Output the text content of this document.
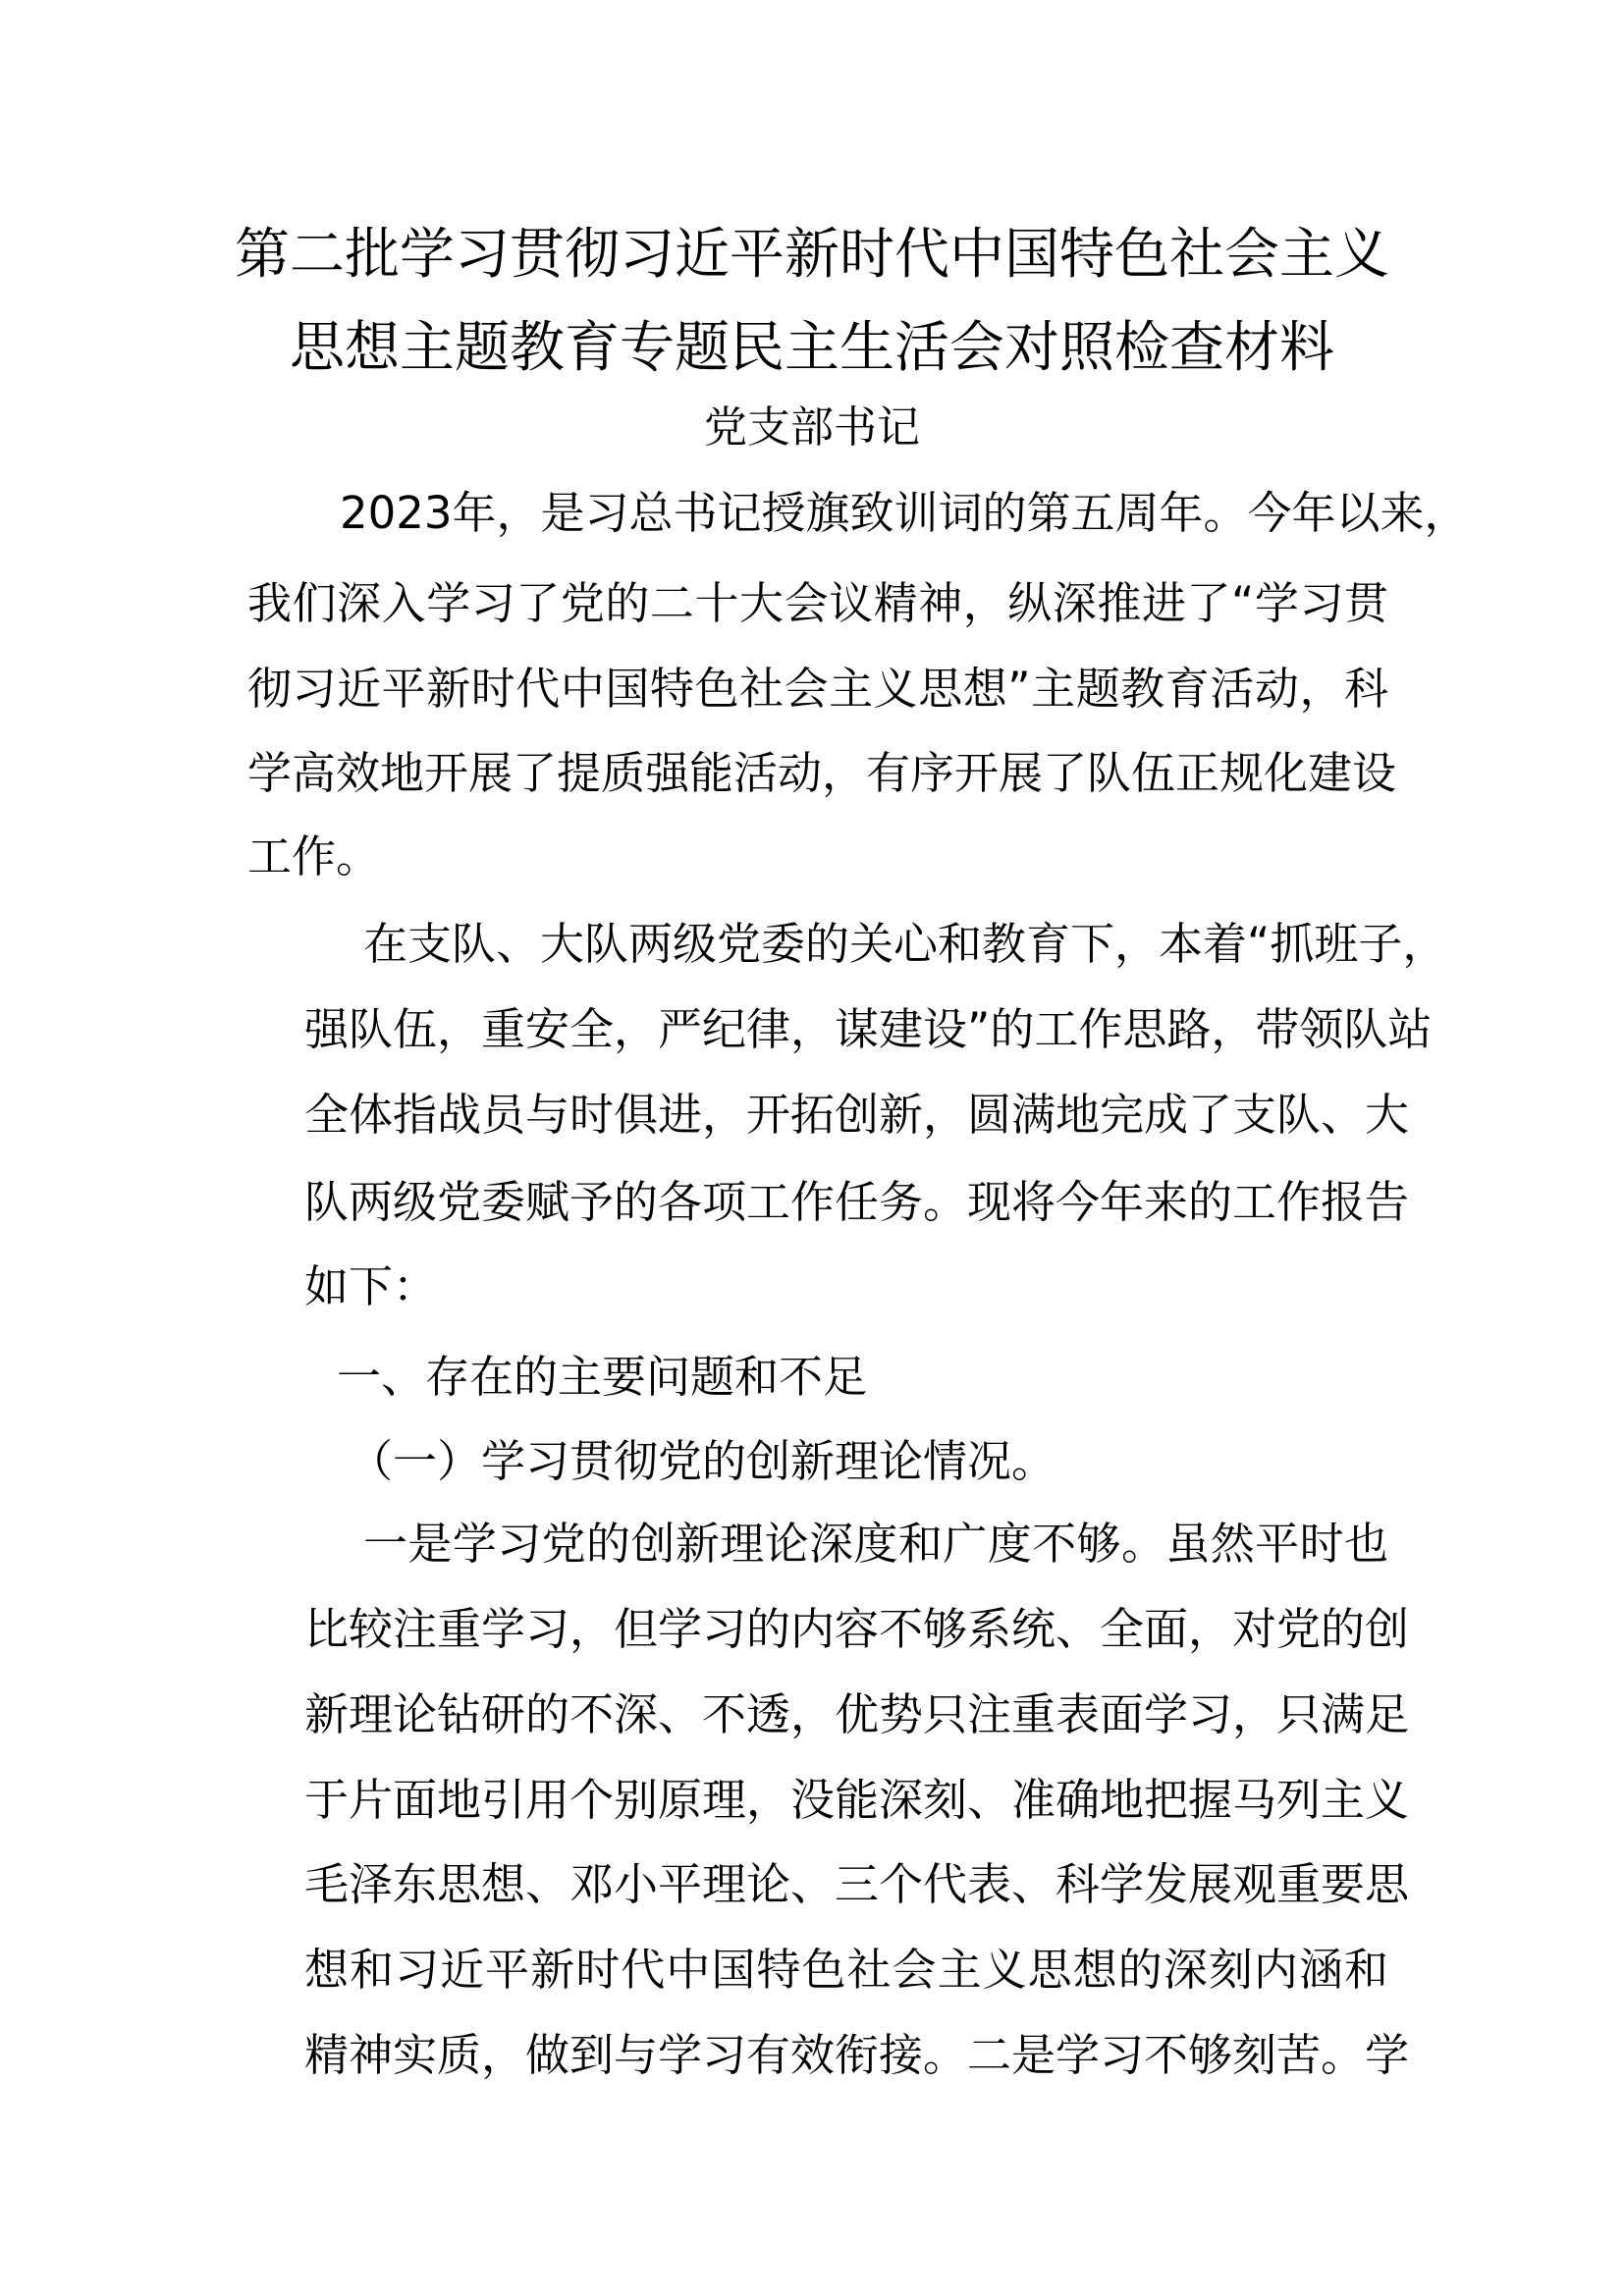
第二批学习贯彻习近平新时代中国特色社会主义
思想主题教育专题民主生活会对照检查材料
党支部书记
2023年，是习总书记授旗致训词的第五周年。今年以来，
我们深入学习了党的二十大会议精神，纵深推进了“学习贯
彻习近平新时代中国特色社会主义思想”主题教育活动，科
学高效地开展了提质强能活动，有序开展了队伍正规化建设
工作。
在支队、大队两级党委的关心和教育下，本着“抓班子，
强队伍，重安全，严纪律，谋建设”的工作思路，带领队站
全体指战员与时俱进，开拓创新，圆满地完成了支队、大
队两级党委赋予的各项工作任务。现将今年来的工作报告
如下：
一、存在的主要问题和不足
（一）学习贯彻党的创新理论情况。
一是学习党的创新理论深度和广度不够。虽然平时也
比较注重学习，但学习的内容不够系统、全面，对党的创
新理论钻研的不深、不透，优势只注重表面学习，只满足
于片面地引用个别原理，没能深刻、准确地把握马列主义
毛泽东思想、邓小平理论、三个代表、科学发展观重要思
想和习近平新时代中国特色社会主义思想的深刻内涵和
精神实质，做到与学习有效衔接。二是学习不够刻苦。学
